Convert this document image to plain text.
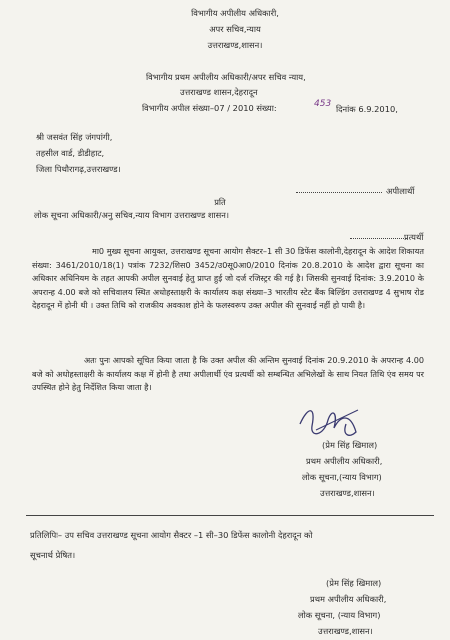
विभागीय अपीलीय अधिकारी,
अपर सचिव,न्याय
उत्तराखण्ड,शासन।
विभागीय प्रथम अपीलीय अधिकारी/अपर सचिव न्याय,
उत्तराखण्ड शासन,देहरादून
विभागीय अपील संख्या–07 / 2010 संख्या:	453 दिनांक 6.9.2010,
श्री जसवंत सिंह जंगपांगी,
तहसील वार्ड, डीडीहाट,
जिला पिथौरागढ़,उत्तराखण्ड।
अपीलार्थी
प्रति
लोक सूचना अधिकारी/अनु सचिव,न्याय विभाग उत्तराखण्ड शासन।
प्रत्यर्थी
मा0 मुख्य सूचना आयुक्त, उत्तराखण्ड सूचना आयोग सैक्टर–1 सी 30 डिफेंस कालोनी,देहरादून के आदेश शिकायत संख्या: 3461/2010/18(1) पत्रांक 7232/शिस0 3452/उ0सू0आ0/2010 दिनांक 20.8.2010 के आदेश द्वारा सूचना का अधिकार अधिनियम के तहत आपकी अपील सुनवाई हेतु प्राप्त हुई जो दर्ज रजिस्ट्रर की गई है। जिसकी सुनवाई दिनांक: 3.9.2010 के अपरान्ह 4.00 बजे को सचिवालय स्थित अधोहस्ताक्षरी के कार्यालय कक्ष संख्या–3 भारतीय स्टेट बैंक बिल्डिंग उत्तराखण्ड 4 सुभाष रोड देहरादून में होनी थी । उक्त तिथि को राजकीय अवकाश होने के फलस्वरूप उक्त अपील की सुनवाई नहीं हो पायी है।
अतः पुनः आपको सूचित किया जाता है कि उक्त अपील की अन्तिम सुनवाई दिनांक 20.9.2010 के अपरान्ह 4.00 बजे को अधोहस्ताक्षरी के कार्यालय कक्ष में होनी है तथा अपीलार्थी एंव प्रत्यर्थी को सम्बन्धित अभिलेखों के साथ नियत तिथि एंव समय पर उपस्थित होने हेतु निर्देशित किया जाता है।
(प्रेम सिंह खिमाल)
प्रथम अपीलीय अधिकारी,
लोक सूचना,(न्याय विभाग)
उत्तराखण्ड,शासन।
प्रतिलिपिः– उप सचिव उत्तराखण्ड सूचना आयोग सैक्टर –1 सी–30 डिफेंस कालोनी देहरादून को
सूचनार्थ प्रेषित।
(प्रेम सिंह खिमाल)
प्रथम अपीलीय अधिकारी,
लोक सूचना, (न्याय विभाग)
उत्तराखण्ड,शासन।
